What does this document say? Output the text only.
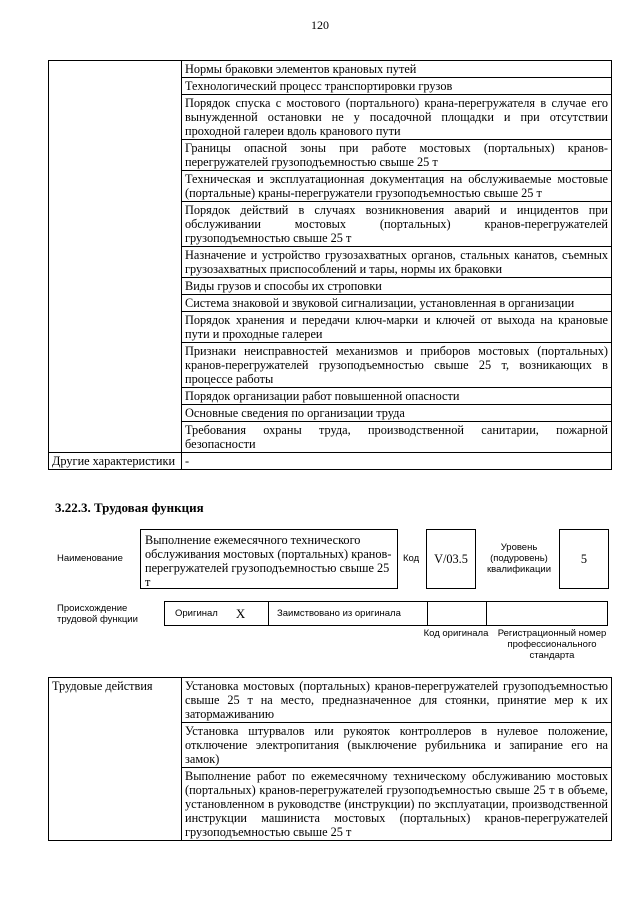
120
	Нормы браковки элементов крановых путей
	Технологический процесс транспортировки грузов
	Порядок спуска с мостового (портального) крана-перегружателя в случае его вынужденной остановки не у посадочной площадки и при отсутствии проходной галереи вдоль кранового пути
	Границы опасной зоны при работе мостовых (портальных) кранов-перегружателей грузоподъемностью свыше 25 т
	Техническая и эксплуатационная документация на обслуживаемые мостовые (портальные) краны-перегружатели грузоподъемностью свыше 25 т
	Порядок действий в случаях возникновения аварий и инцидентов при обслуживании мостовых (портальных) кранов-перегружателей грузоподъемностью свыше 25 т
	Назначение и устройство грузозахватных органов, стальных канатов, съемных грузозахватных приспособлений и тары, нормы их браковки
	Виды грузов и способы их строповки
	Система знаковой и звуковой сигнализации, установленная в организации
	Порядок хранения и передачи ключ-марки и ключей от выхода на крановые пути и проходные галереи
	Признаки неисправностей механизмов и приборов мостовых (портальных) кранов-перегружателей грузоподъемностью свыше 25 т, возникающих в процессе работы
	Порядок организации работ повышенной опасности
	Основные сведения по организации труда
	Требования охраны труда, производственной санитарии, пожарной безопасности
Другие характеристики	-
3.22.3. Трудовая функция
Наименование
Выполнение ежемесячного технического обслуживания мостовых (портальных) кранов-перегружателей грузоподъемностью свыше 25 т
Код	V/03.5
Уровень (подуровень) квалификации
5
Происхождение трудовой функции
Оригинал X	Заимствовано из оригинала
Код оригинала Регистрационный номер профессионального стандарта
Трудовые действия	Установка мостовых (портальных) кранов-перегружателей грузоподъемностью свыше 25 т на место, предназначенное для стоянки, принятие мер к их затормаживанию
Установка штурвалов или рукояток контроллеров в нулевое положение, отключение электропитания (выключение рубильника и запирание его на замок)
Выполнение работ по ежемесячному техническому обслуживанию мостовых (портальных) кранов-перегружателей грузоподъемностью свыше 25 т в объеме, установленном в руководстве (инструкции) по эксплуатации, производственной инструкции машиниста мостовых (портальных) кранов-перегружателей грузоподъемностью свыше 25 т
